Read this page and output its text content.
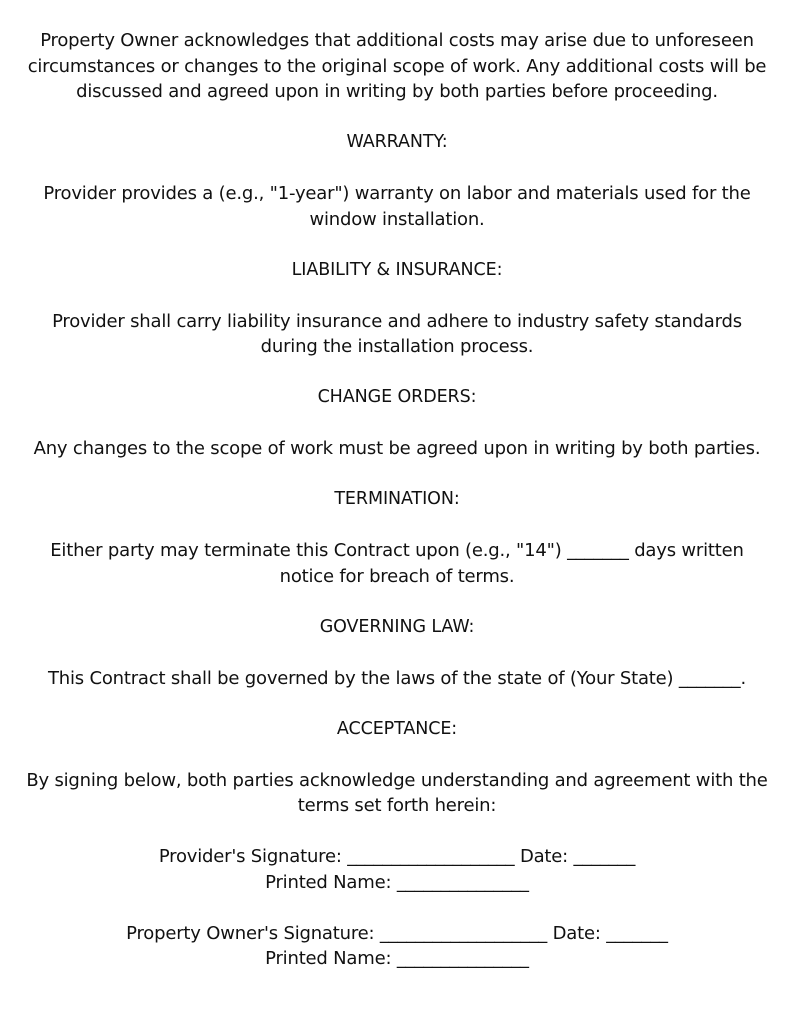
Property Owner acknowledges that additional costs may arise due to unforeseen
circumstances or changes to the original scope of work. Any additional costs will be
discussed and agreed upon in writing by both parties before proceeding.

WARRANTY:

Provider provides a (e.g., "1-year") warranty on labor and materials used for the
window installation.

LIABILITY & INSURANCE:

Provider shall carry liability insurance and adhere to industry safety standards
during the installation process.

CHANGE ORDERS:

Any changes to the scope of work must be agreed upon in writing by both parties.

TERMINATION:

Either party may terminate this Contract upon (e.g., "14") _______ days written
notice for breach of terms.

GOVERNING LAW:

This Contract shall be governed by the laws of the state of (Your State) _______.

ACCEPTANCE:

By signing below, both parties acknowledge understanding and agreement with the
terms set forth herein:

Provider's Signature: ___________________ Date: _______
Printed Name: _______________

Property Owner's Signature: ___________________ Date: _______
Printed Name: _______________
